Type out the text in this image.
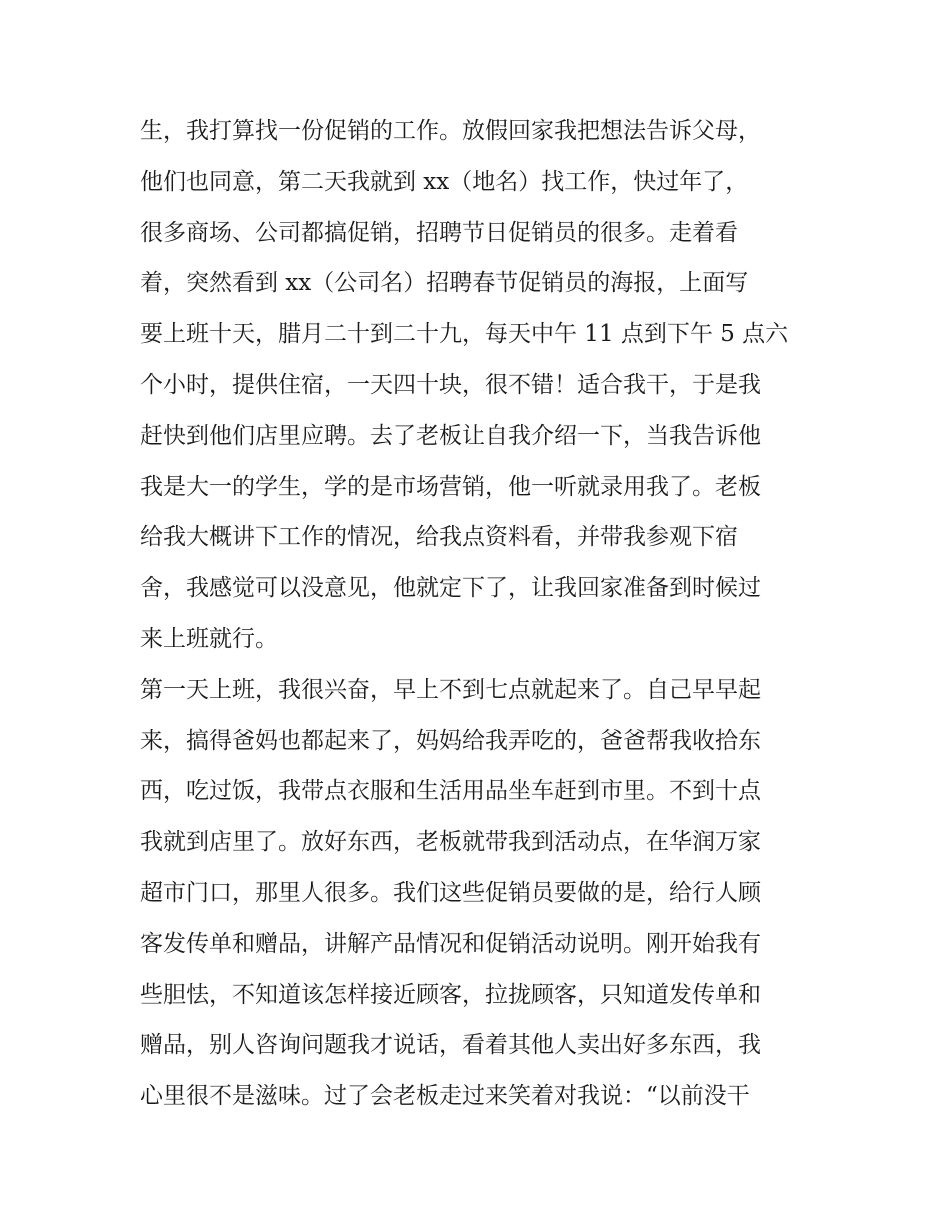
生，我打算找一份促销的工作。放假回家我把想法告诉父母，
他们也同意，第二天我就到 xx（地名）找工作，快过年了，
很多商场、公司都搞促销，招聘节日促销员的很多。走着看
着，突然看到 xx（公司名）招聘春节促销员的海报，上面写
要上班十天，腊月二十到二十九，每天中午 11 点到下午 5 点六
个小时，提供住宿，一天四十块，很不错！适合我干，于是我
赶快到他们店里应聘。去了老板让自我介绍一下，当我告诉他
我是大一的学生，学的是市场营销，他一听就录用我了。老板
给我大概讲下工作的情况，给我点资料看，并带我参观下宿
舍，我感觉可以没意见，他就定下了，让我回家准备到时候过
来上班就行。
第一天上班，我很兴奋，早上不到七点就起来了。自己早早起
来，搞得爸妈也都起来了，妈妈给我弄吃的，爸爸帮我收拾东
西，吃过饭，我带点衣服和生活用品坐车赶到市里。不到十点
我就到店里了。放好东西，老板就带我到活动点，在华润万家
超市门口，那里人很多。我们这些促销员要做的是，给行人顾
客发传单和赠品，讲解产品情况和促销活动说明。刚开始我有
些胆怯，不知道该怎样接近顾客，拉拢顾客，只知道发传单和
赠品，别人咨询问题我才说话，看着其他人卖出好多东西，我
心里很不是滋味。过了会老板走过来笑着对我说：“以前没干
